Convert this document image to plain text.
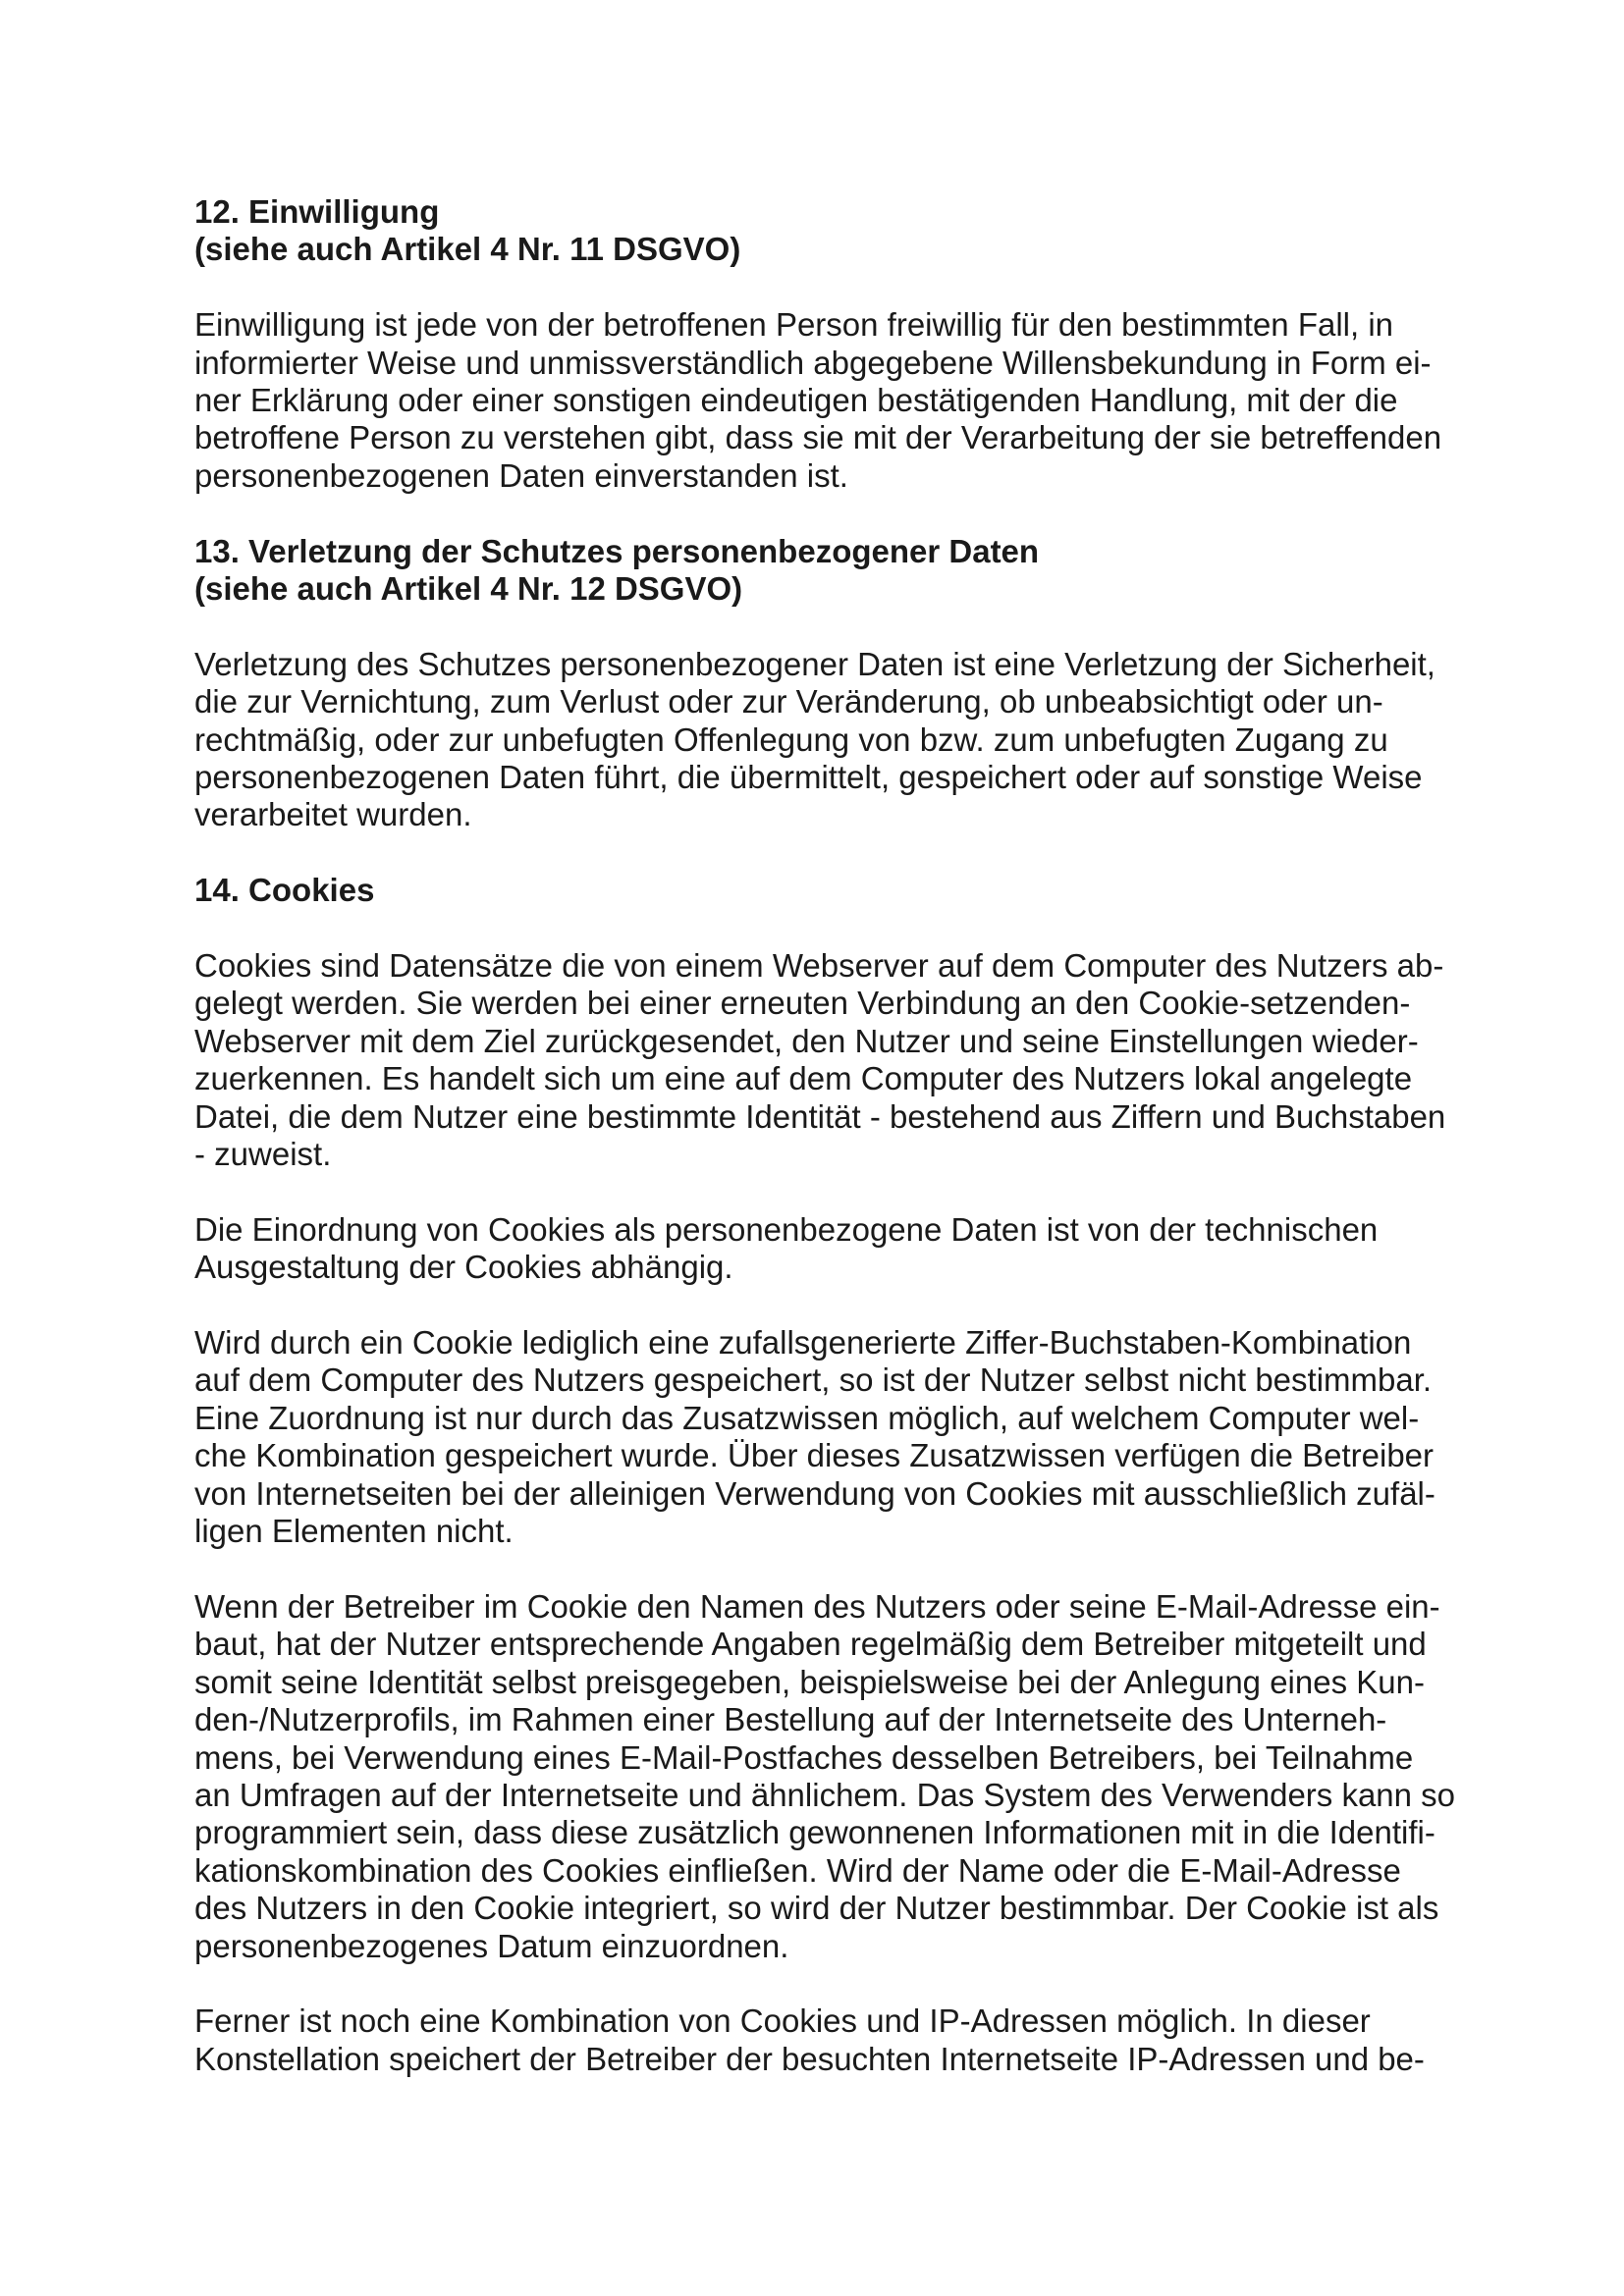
12. Einwilligung
(siehe auch Artikel 4 Nr. 11 DSGVO)
Einwilligung ist jede von der betroffenen Person freiwillig für den bestimmten Fall, in
informierter Weise und unmissverständlich abgegebene Willensbekundung in Form ei-
ner Erklärung oder einer sonstigen eindeutigen bestätigenden Handlung, mit der die
betroffene Person zu verstehen gibt, dass sie mit der Verarbeitung der sie betreffenden
personenbezogenen Daten einverstanden ist.
13. Verletzung der Schutzes personenbezogener Daten
(siehe auch Artikel 4 Nr. 12 DSGVO)
Verletzung des Schutzes personenbezogener Daten ist eine Verletzung der Sicherheit,
die zur Vernichtung, zum Verlust oder zur Veränderung, ob unbeabsichtigt oder un-
rechtmäßig, oder zur unbefugten Offenlegung von bzw. zum unbefugten Zugang zu
personenbezogenen Daten führt, die übermittelt, gespeichert oder auf sonstige Weise
verarbeitet wurden.
14. Cookies
Cookies sind Datensätze die von einem Webserver auf dem Computer des Nutzers ab-
gelegt werden. Sie werden bei einer erneuten Verbindung an den Cookie-setzenden-
Webserver mit dem Ziel zurückgesendet, den Nutzer und seine Einstellungen wieder-
zuerkennen. Es handelt sich um eine auf dem Computer des Nutzers lokal angelegte
Datei, die dem Nutzer eine bestimmte Identität - bestehend aus Ziffern und Buchstaben
- zuweist.
Die Einordnung von Cookies als personenbezogene Daten ist von der technischen
Ausgestaltung der Cookies abhängig.
Wird durch ein Cookie lediglich eine zufallsgenerierte Ziffer-Buchstaben-Kombination
auf dem Computer des Nutzers gespeichert, so ist der Nutzer selbst nicht bestimmbar.
Eine Zuordnung ist nur durch das Zusatzwissen möglich, auf welchem Computer wel-
che Kombination gespeichert wurde. Über dieses Zusatzwissen verfügen die Betreiber
von Internetseiten bei der alleinigen Verwendung von Cookies mit ausschließlich zufäl-
ligen Elementen nicht.
Wenn der Betreiber im Cookie den Namen des Nutzers oder seine E-Mail-Adresse ein-
baut, hat der Nutzer entsprechende Angaben regelmäßig dem Betreiber mitgeteilt und
somit seine Identität selbst preisgegeben, beispielsweise bei der Anlegung eines Kun-
den-/Nutzerprofils, im Rahmen einer Bestellung auf der Internetseite des Unterneh-
mens, bei Verwendung eines E-Mail-Postfaches desselben Betreibers, bei Teilnahme
an Umfragen auf der Internetseite und ähnlichem. Das System des Verwenders kann so
programmiert sein, dass diese zusätzlich gewonnenen Informationen mit in die Identifi-
kationskombination des Cookies einfließen. Wird der Name oder die E-Mail-Adresse
des Nutzers in den Cookie integriert, so wird der Nutzer bestimmbar. Der Cookie ist als
personenbezogenes Datum einzuordnen.
Ferner ist noch eine Kombination von Cookies und IP-Adressen möglich. In dieser
Konstellation speichert der Betreiber der besuchten Internetseite IP-Adressen und be-
